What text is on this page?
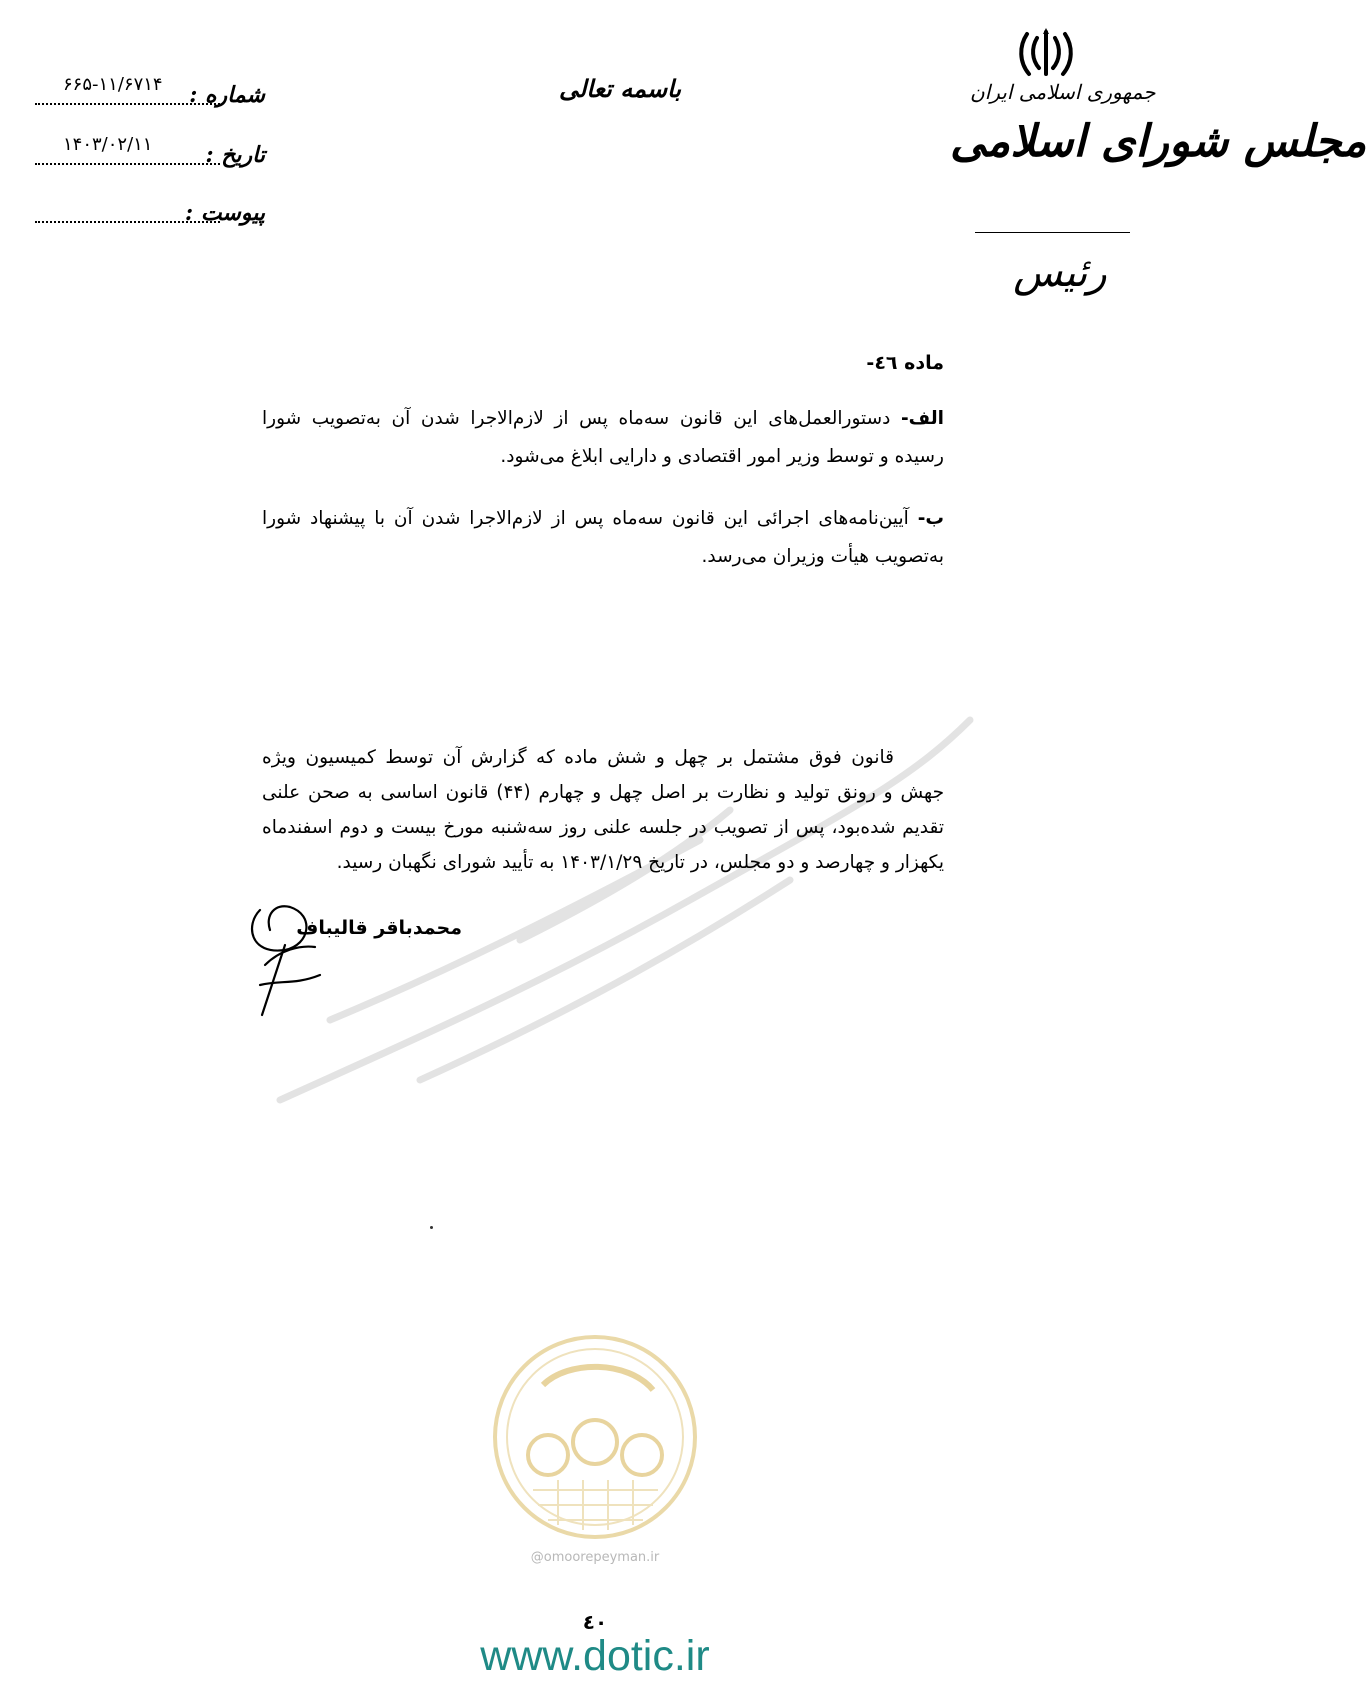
جمهوری اسلامی ایران
مجلس شورای اسلامی
رئیس
باسمه تعالی
شماره :
۶۶۵-۱۱/۶۷۱۴
تاریخ :
۱۴۰۳/۰۲/۱۱
پیوست :
ماده ٤٦-

الف- دستورالعمل‌های این قانون سه‌ماه پس از لازم‌الاجرا شدن آن به‌تصویب شورا رسیده و توسط وزیر امور اقتصادی و دارایی ابلاغ می‌شود.

ب- آیین‌نامه‌های اجرائی این قانون سه‌ماه پس از لازم‌الاجرا شدن آن با پیشنهاد شورا به‌تصویب هیأت وزیران می‌رسد.

قانون فوق مشتمل بر چهل و شش ماده که گزارش آن توسط کمیسیون ویژه جهش و رونق تولید و نظارت بر اصل چهل و چهارم (۴۴) قانون اساسی به صحن علنی تقدیم شده‌بود، پس از تصویب در جلسه علنی روز سه‌شنبه مورخ بیست و دوم اسفندماه یکهزار و چهارصد و دو مجلس، در تاریخ ۱۴۰۳/۱/۲۹ به تأیید شورای نگهبان رسید.

محمدباقر قالیباف
@omoorepeyman.ir
٤٠
www.dotic.ir
